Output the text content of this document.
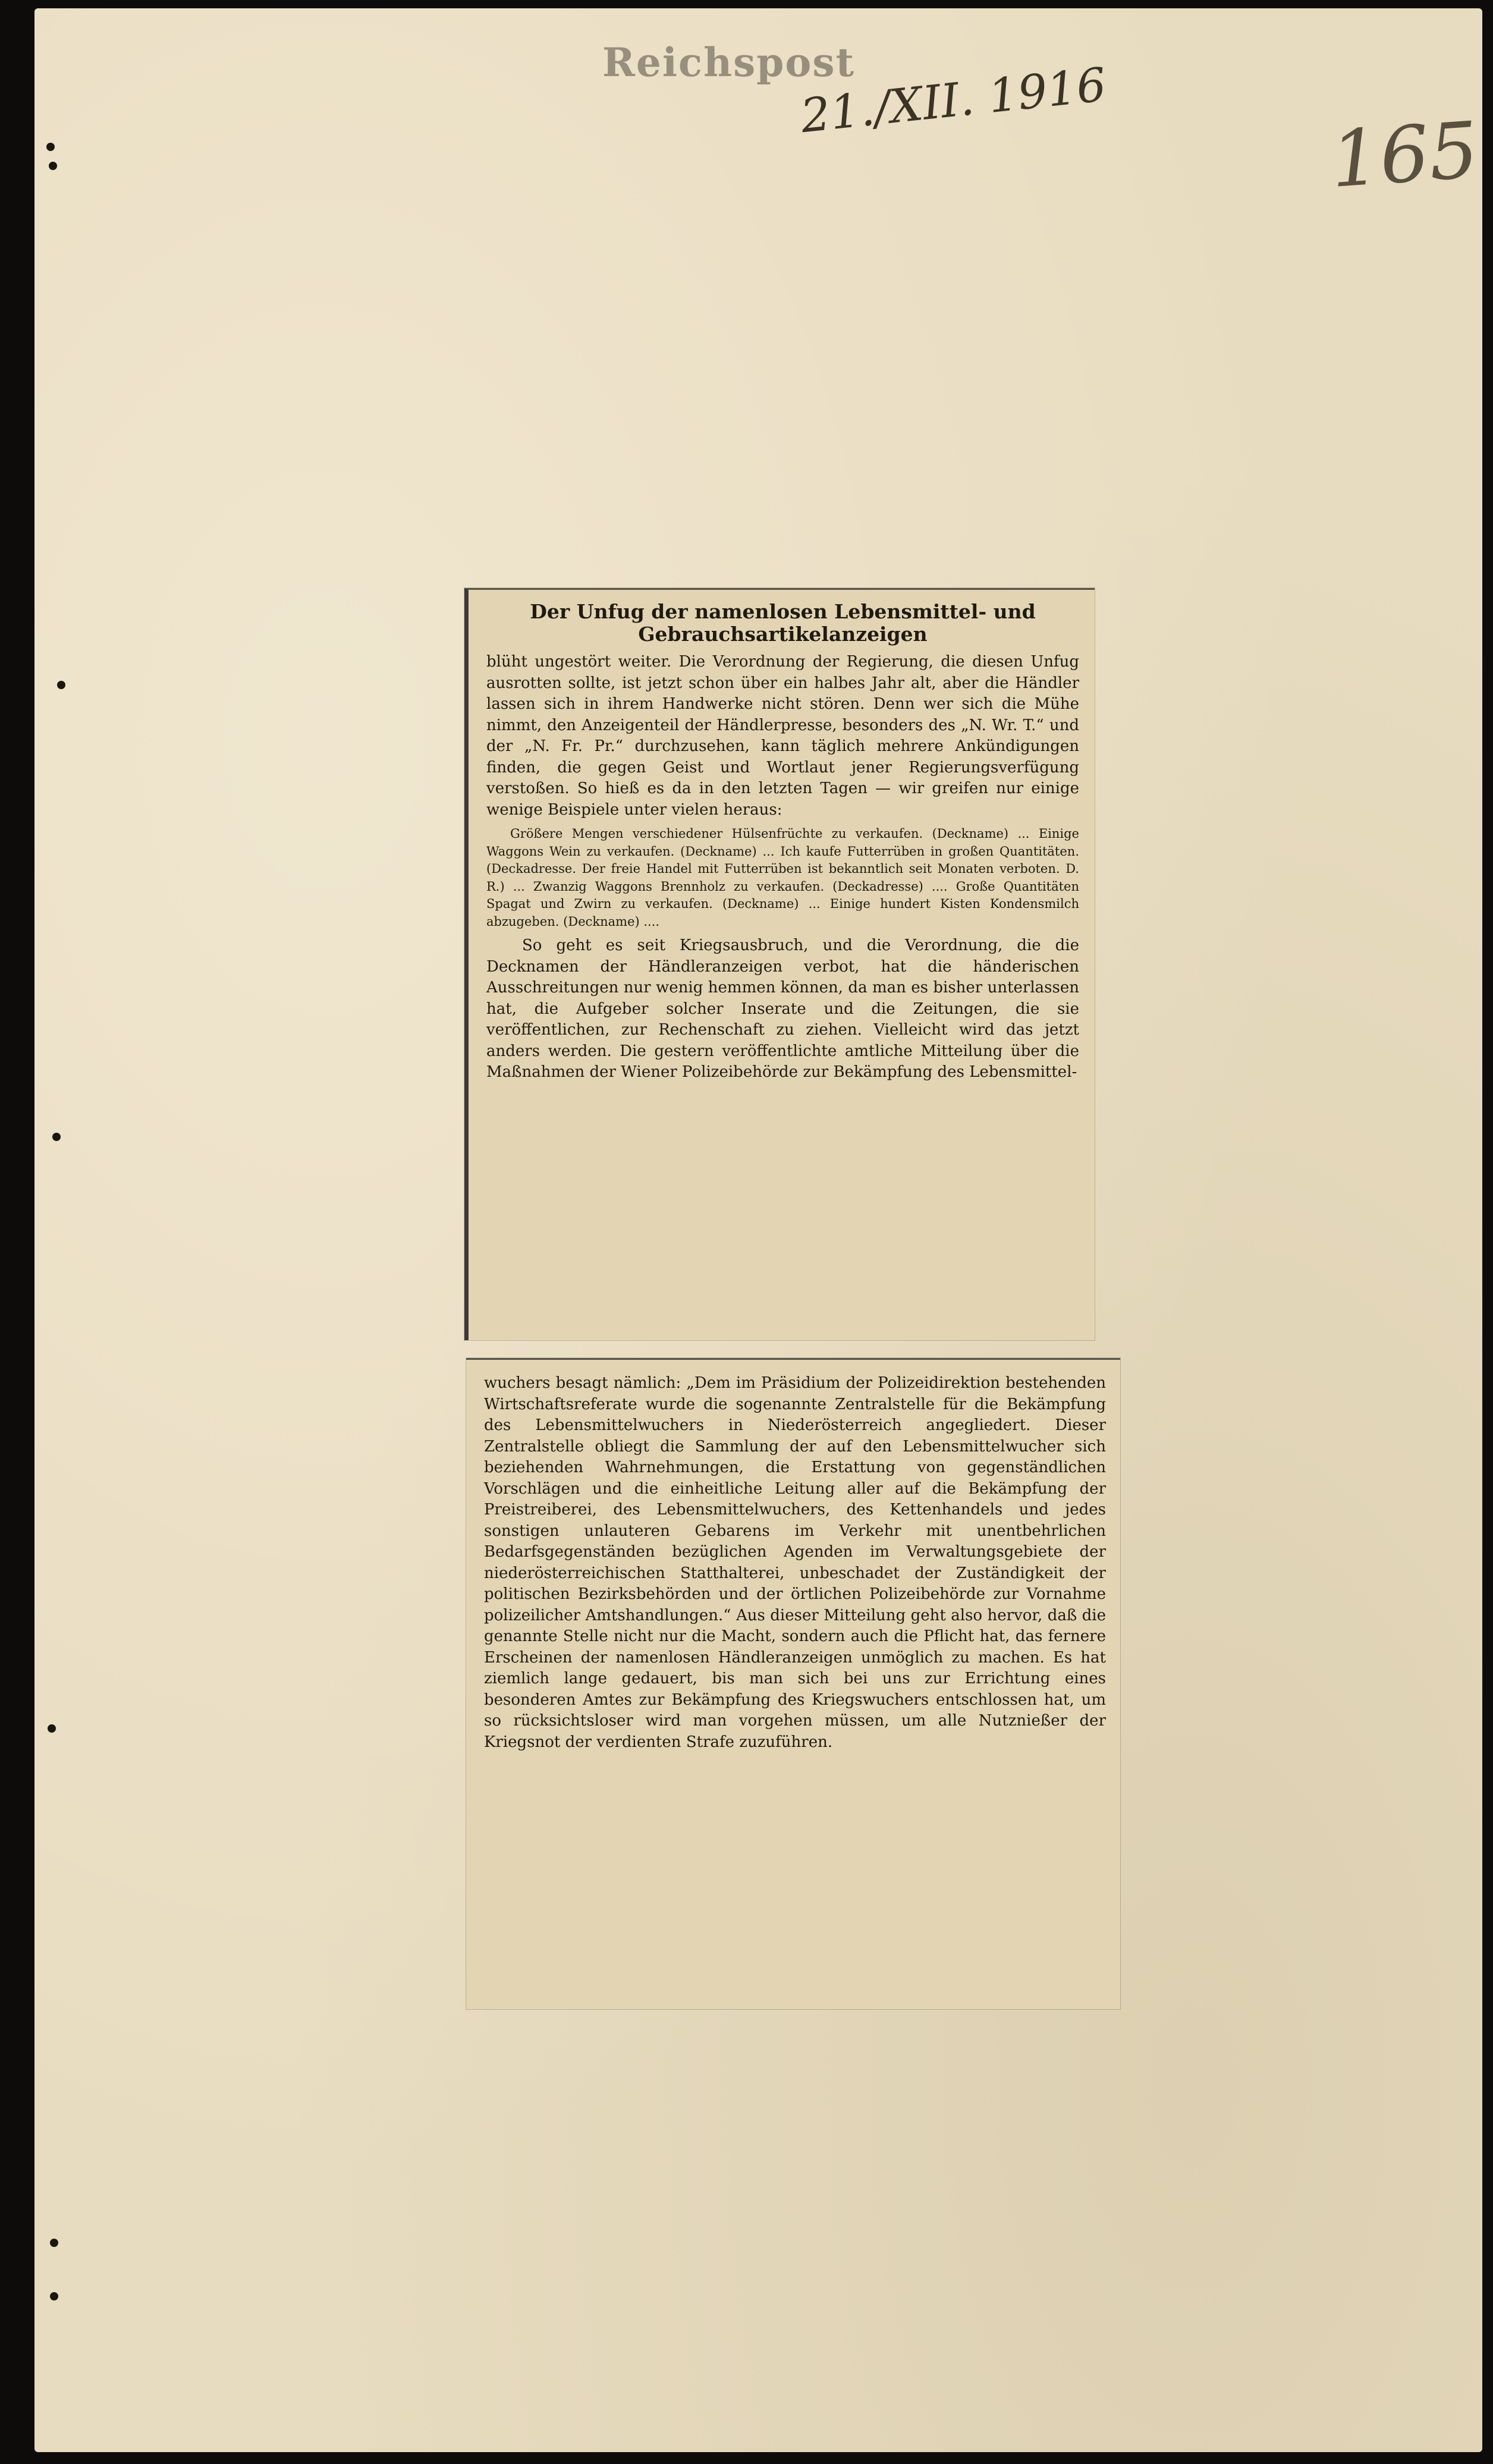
Reichspost
21./XII. 1916
165

Der Unfug der namenlosen Lebensmittel- und Gebrauchsartikelanzeigen

blüht ungestört weiter. Die Verordnung der Regierung, die diesen Unfug ausrotten sollte, ist jetzt schon über ein halbes Jahr alt, aber die Händler lassen sich in ihrem Handwerke nicht stören. Denn wer sich die Mühe nimmt, den Anzeigenteil der Händlerpresse, besonders des „N. Wr. T.“ und der „N. Fr. Pr.“ durchzusehen, kann täglich mehrere Ankündigungen finden, die gegen Geist und Wortlaut jener Regierungsverfügung verstoßen. So hieß es da in den letzten Tagen — wir greifen nur einige wenige Beispiele unter vielen heraus:

Größere Mengen verschiedener Hülsenfrüchte zu verkaufen. (Deckname) ... Einige Waggons Wein zu verkaufen. (Deckname) ... Ich kaufe Futterrüben in großen Quantitäten. (Deckadresse. Der freie Handel mit Futterrüben ist bekanntlich seit Monaten verboten. D. R.) ... Zwanzig Waggons Brennholz zu verkaufen. (Deckadresse) .... Große Quantitäten Spagat und Zwirn zu verkaufen. (Deckname) ... Einige hundert Kisten Kondensmilch abzugeben. (Deckname) ....

So geht es seit Kriegsausbruch, und die Verordnung, die die Decknamen der Händleranzeigen verbot, hat die händerischen Ausschreitungen nur wenig hemmen können, da man es bisher unterlassen hat, die Aufgeber solcher Inserate und die Zeitungen, die sie veröffentlichen, zur Rechenschaft zu ziehen. Vielleicht wird das jetzt anders werden. Die gestern veröffentlichte amtliche Mitteilung über die Maßnahmen der Wiener Polizeibehörde zur Bekämpfung des Lebensmittel-

wuchers besagt nämlich: „Dem im Präsidium der Polizeidirektion bestehenden Wirtschaftsreferate wurde die sogenannte Zentralstelle für die Bekämpfung des Lebensmittelwuchers in Niederösterreich angegliedert. Dieser Zentralstelle obliegt die Sammlung der auf den Lebensmittelwucher sich beziehenden Wahrnehmungen, die Erstattung von gegenständlichen Vorschlägen und die einheitliche Leitung aller auf die Bekämpfung der Preistreiberei, des Lebensmittelwuchers, des Kettenhandels und jedes sonstigen unlauteren Gebarens im Verkehr mit unentbehrlichen Bedarfsgegenständen bezüglichen Agenden im Verwaltungsgebiete der niederösterreichischen Statthalterei, unbeschadet der Zuständigkeit der politischen Bezirksbehörden und der örtlichen Polizeibehörde zur Vornahme polizeilicher Amtshandlungen.“ Aus dieser Mitteilung geht also hervor, daß die genannte Stelle nicht nur die Macht, sondern auch die Pflicht hat, das fernere Erscheinen der namenlosen Händleranzeigen unmöglich zu machen. Es hat ziemlich lange gedauert, bis man sich bei uns zur Errichtung eines besonderen Amtes zur Bekämpfung des Kriegswuchers entschlossen hat, um so rücksichtsloser wird man vorgehen müssen, um alle Nutznießer der Kriegsnot der verdienten Strafe zuzuführen.
